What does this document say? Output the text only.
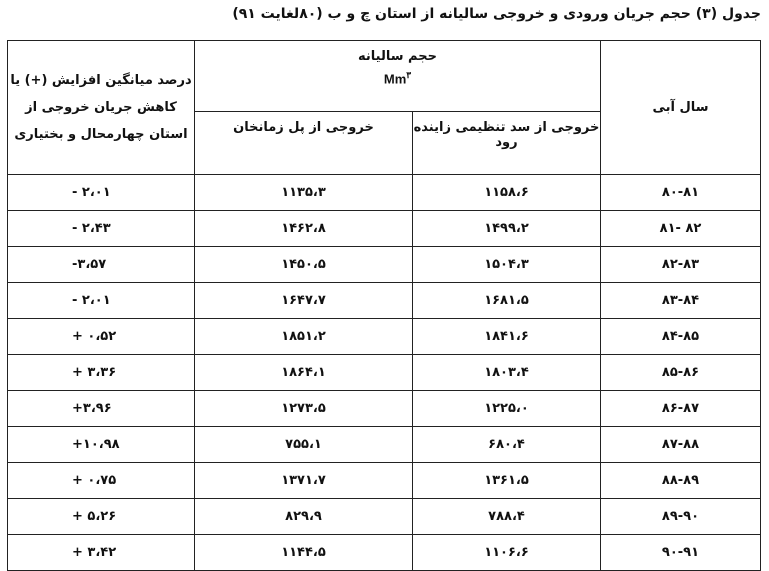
جدول (۳) حجم جریان ورودی و خروجی سالیانه از استان چ و ب (۸۰لغایت ۹۱)
درصد میانگین افزایش (+) یا کاهش جریان خروجی از استان چهارمحال و بختیاری	حجم سالیانه
Mm$^۳$		سال آبی
	خروجی از پل زمانخان	خروجی از سد تنظیمی زاینده رود	
- ۲،۰۱	۱۱۳۵،۳	۱۱۵۸،۶	۸۰-۸۱
- ۲،۴۳	۱۴۶۲،۸	۱۴۹۹،۲	۸۱- ۸۲
-۳،۵۷	۱۴۵۰،۵	۱۵۰۴،۳	۸۲-۸۳
- ۲،۰۱	۱۶۴۷،۷	۱۶۸۱،۵	۸۳-۸۴
+ ۰،۵۲	۱۸۵۱،۲	۱۸۴۱،۶	۸۴-۸۵
+ ۳،۳۶	۱۸۶۴،۱	۱۸۰۳،۴	۸۵-۸۶
+۳،۹۶	۱۲۷۳،۵	۱۲۲۵،۰	۸۶-۸۷
+۱۰،۹۸	۷۵۵،۱	۶۸۰،۴	۸۷-۸۸
+ ۰،۷۵	۱۳۷۱،۷	۱۳۶۱،۵	۸۸-۸۹
+ ۵،۲۶	۸۲۹،۹	۷۸۸،۴	۸۹-۹۰
+ ۳،۴۲	۱۱۴۴،۵	۱۱۰۶،۶	۹۰-۹۱
